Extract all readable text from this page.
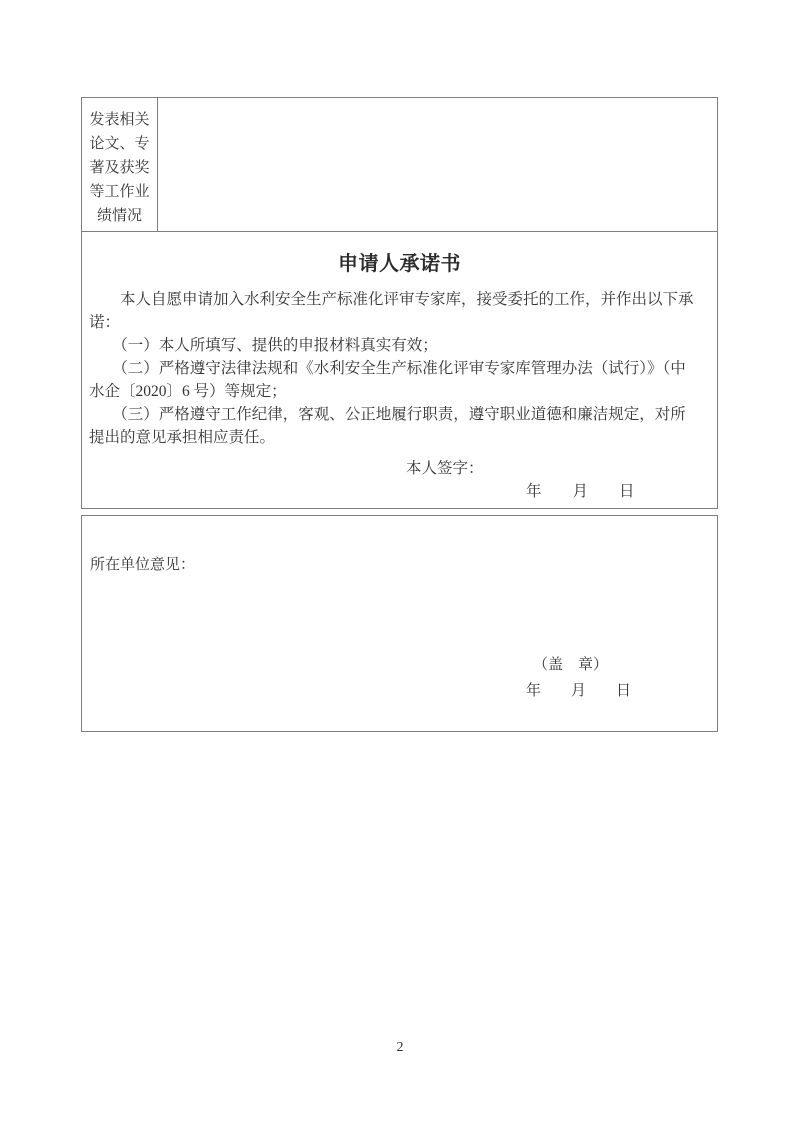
发表相关
论文、专
著及获奖
等工作业
绩情况
申请人承诺书
　　本人自愿申请加入水利安全生产标准化评审专家库，接受委托的工作，并作出以下承
诺：
　　（一）本人所填写、提供的申报材料真实有效；
　　（二）严格遵守法律法规和《水利安全生产标准化评审专家库管理办法（试行）》（中
水企〔2020〕6 号）等规定；
　　（三）严格遵守工作纪律，客观、公正地履行职责，遵守职业道德和廉洁规定，对所
提出的意见承担相应责任。
本人签字：
年　　月　　日
所在单位意见：
（盖　章）
年　　月　　日
2
